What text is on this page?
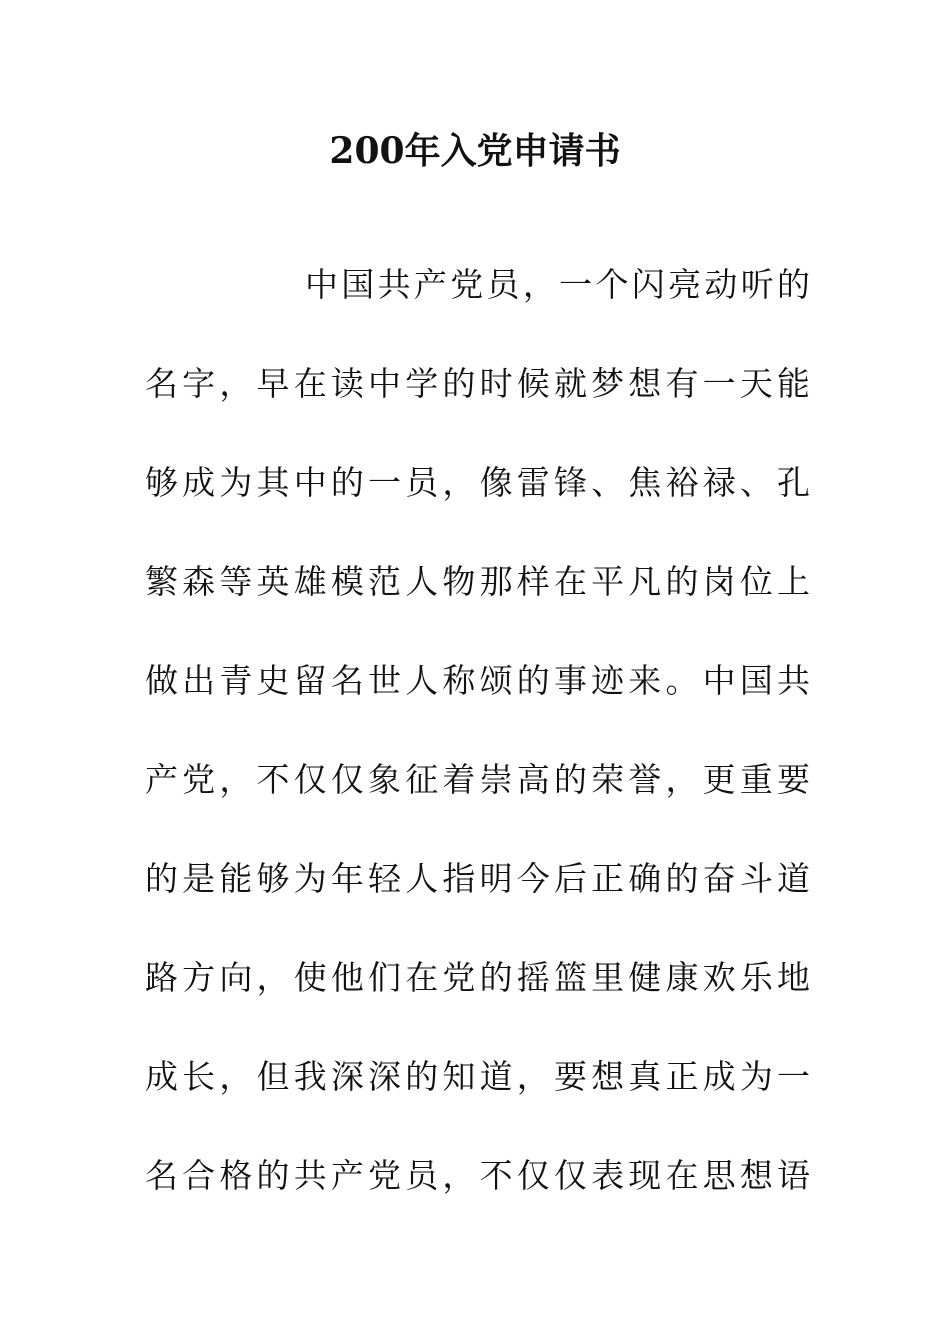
200年入党申请书
中国共产党员，一个闪亮动听的
名字，早在读中学的时候就梦想有一天能
够成为其中的一员，像雷锋、焦裕禄、孔
繁森等英雄模范人物那样在平凡的岗位上
做出青史留名世人称颂的事迹来。中国共
产党，不仅仅象征着崇高的荣誉，更重要
的是能够为年轻人指明今后正确的奋斗道
路方向，使他们在党的摇篮里健康欢乐地
成长，但我深深的知道，要想真正成为一
名合格的共产党员，不仅仅表现在思想语
